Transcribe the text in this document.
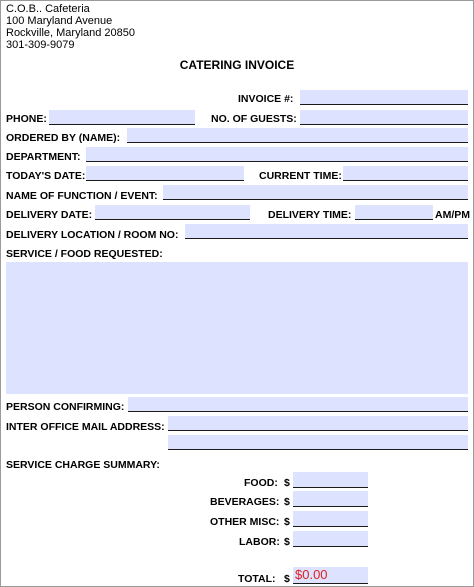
C.O.B.. Cafeteria
100 Maryland Avenue
Rockville, Maryland 20850
301-309-9079
CATERING INVOICE
INVOICE #:
PHONE:	NO. OF GUESTS:
ORDERED BY (NAME):
DEPARTMENT:
TODAY'S DATE:	CURRENT TIME:
NAME OF FUNCTION / EVENT:
DELIVERY DATE:	DELIVERY TIME:	AM/PM
DELIVERY LOCATION / ROOM NO:
SERVICE / FOOD REQUESTED:
PERSON CONFIRMING:
INTER OFFICE MAIL ADDRESS:
SERVICE CHARGE SUMMARY:
FOOD: $
BEVERAGES: $
OTHER MISC: $
LABOR: $
TOTAL: $ $0.00
